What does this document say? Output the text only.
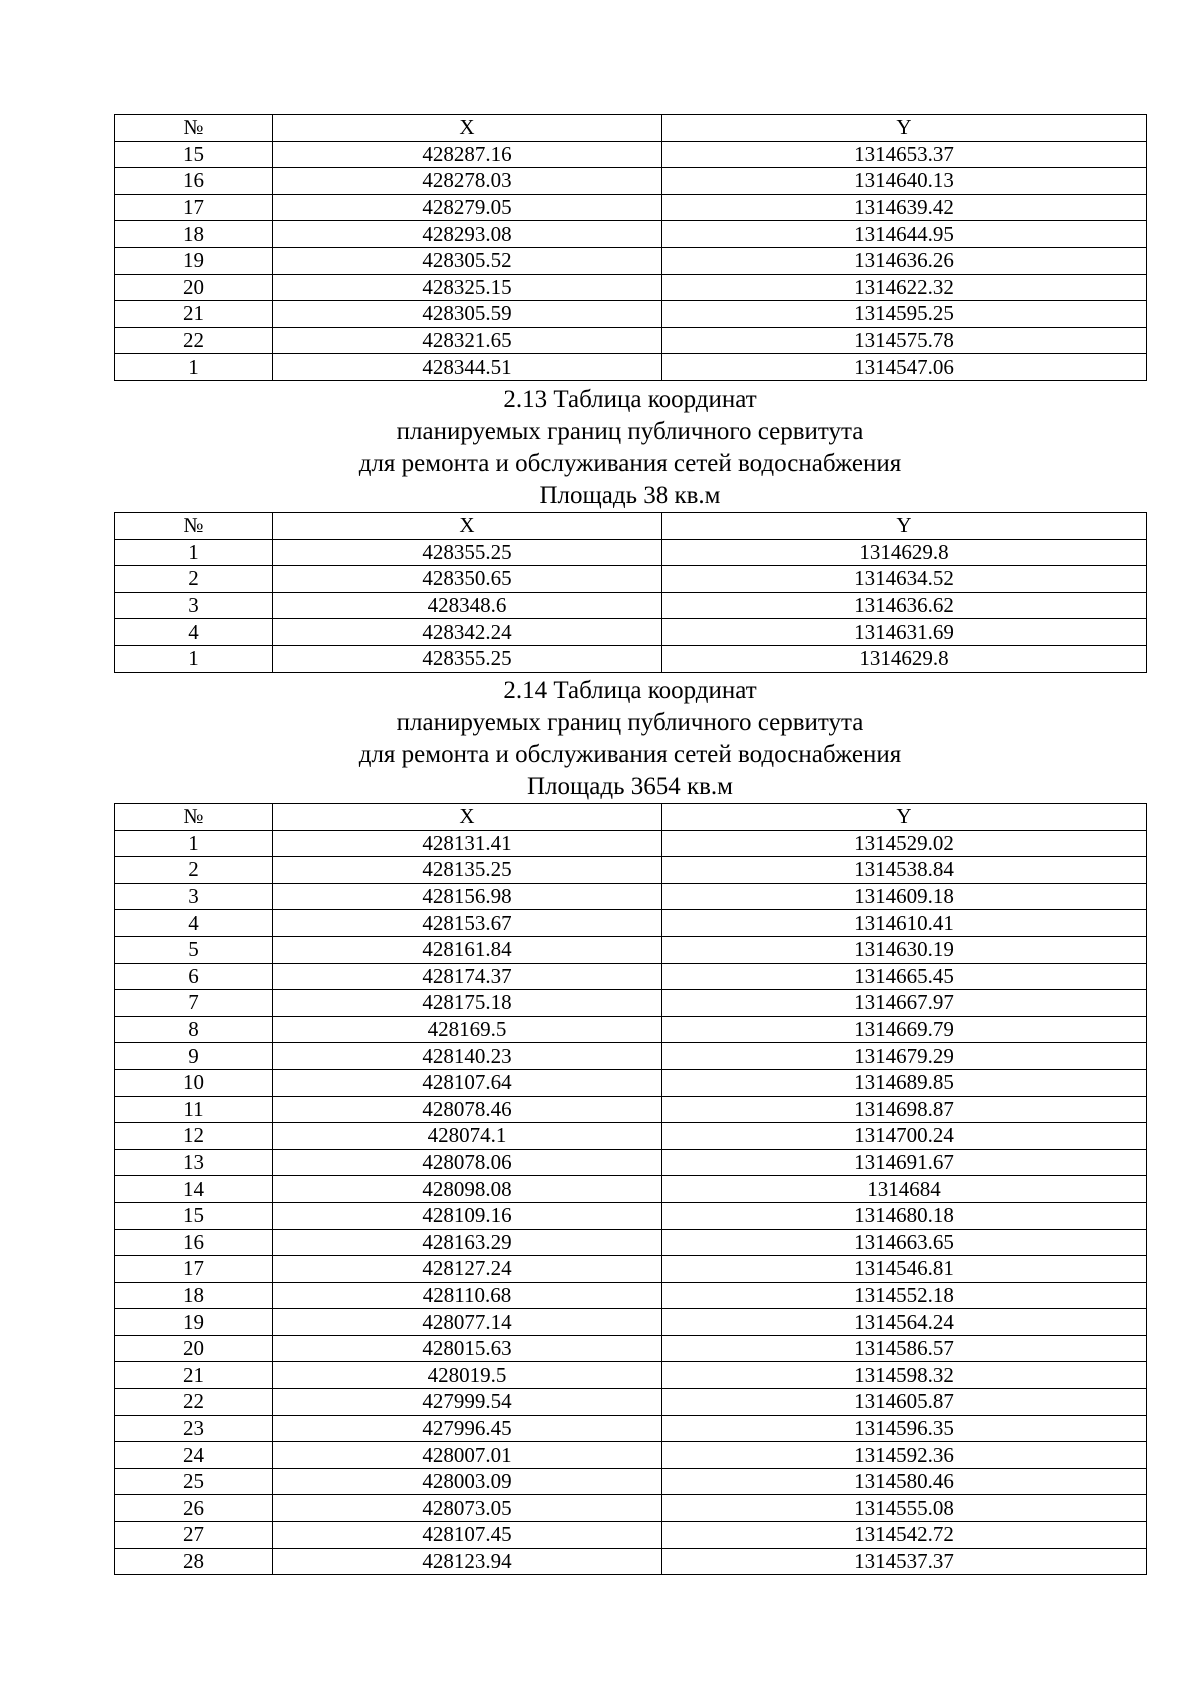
№	X	Y
15	428287.16	1314653.37
16	428278.03	1314640.13
17	428279.05	1314639.42
18	428293.08	1314644.95
19	428305.52	1314636.26
20	428325.15	1314622.32
21	428305.59	1314595.25
22	428321.65	1314575.78
1	428344.51	1314547.06
2.13 Таблица координат
планируемых границ публичного сервитута
для ремонта и обслуживания сетей водоснабжения
Площадь 38 кв.м
№	X	Y
1	428355.25	1314629.8
2	428350.65	1314634.52
3	428348.6	1314636.62
4	428342.24	1314631.69
1	428355.25	1314629.8
2.14 Таблица координат
планируемых границ публичного сервитута
для ремонта и обслуживания сетей водоснабжения
Площадь 3654 кв.м
№	X	Y
1	428131.41	1314529.02
2	428135.25	1314538.84
3	428156.98	1314609.18
4	428153.67	1314610.41
5	428161.84	1314630.19
6	428174.37	1314665.45
7	428175.18	1314667.97
8	428169.5	1314669.79
9	428140.23	1314679.29
10	428107.64	1314689.85
11	428078.46	1314698.87
12	428074.1	1314700.24
13	428078.06	1314691.67
14	428098.08	1314684
15	428109.16	1314680.18
16	428163.29	1314663.65
17	428127.24	1314546.81
18	428110.68	1314552.18
19	428077.14	1314564.24
20	428015.63	1314586.57
21	428019.5	1314598.32
22	427999.54	1314605.87
23	427996.45	1314596.35
24	428007.01	1314592.36
25	428003.09	1314580.46
26	428073.05	1314555.08
27	428107.45	1314542.72
28	428123.94	1314537.37
